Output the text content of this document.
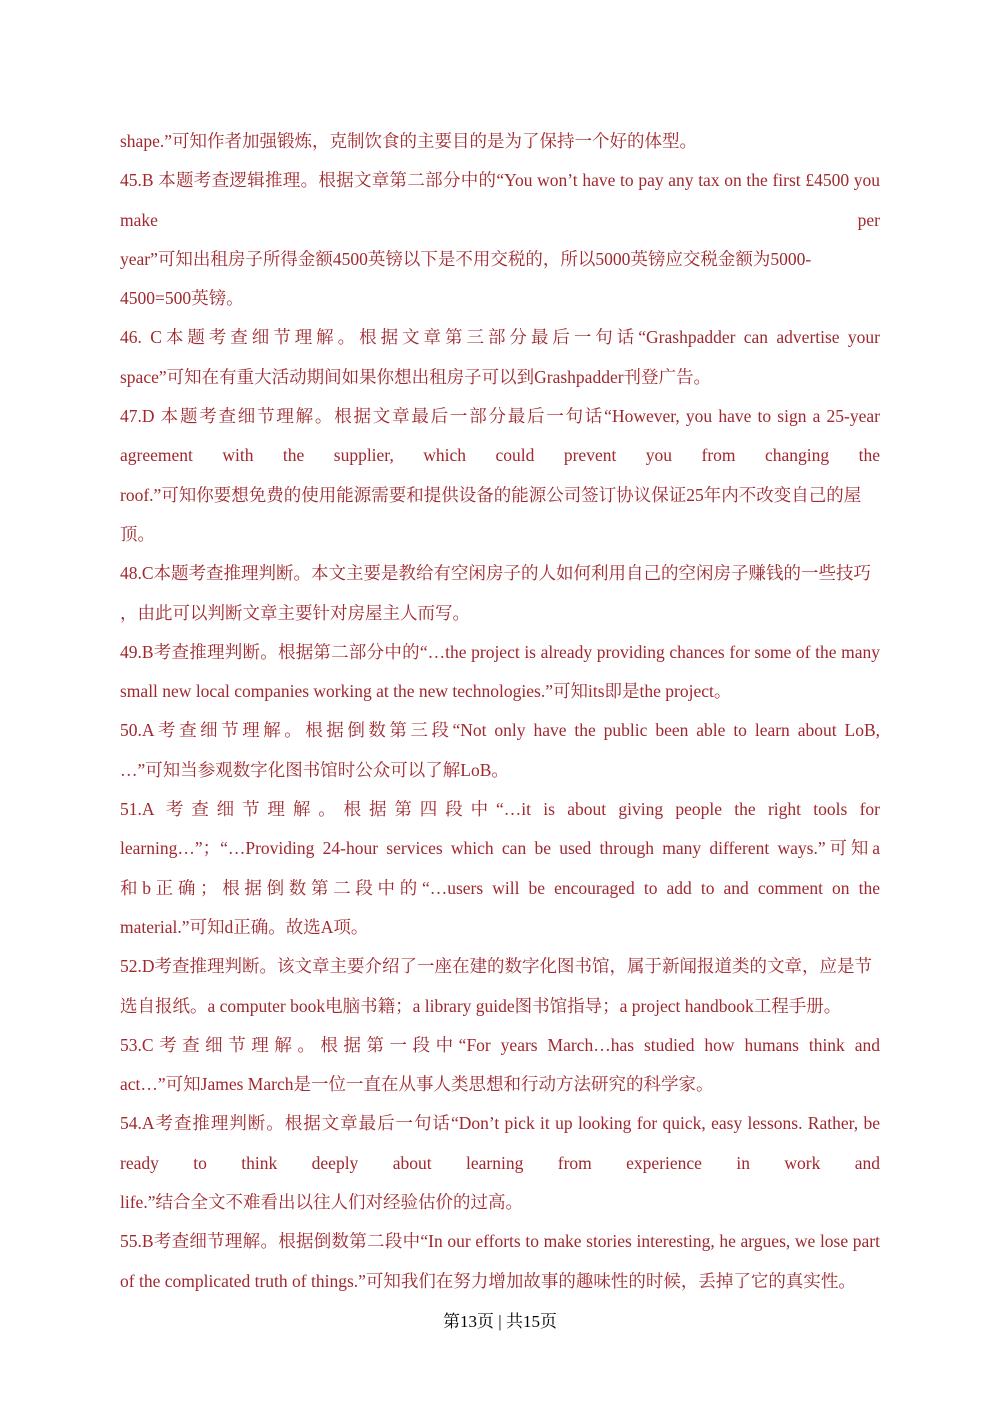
shape.”可知作者加强锻炼，克制饮食的主要目的是为了保持一个好的体型。
45.B 本题考查逻辑推理。根据文章第二部分中的“You won’t have to pay any tax on the first £4500 you
make per
year”可知出租房子所得金额4500英镑以下是不用交税的，所以5000英镑应交税金额为5000-
4500=500英镑。
46. C本题考查细节理解。根据文章第三部分最后一句话“Grashpadder can advertise your
space”可知在有重大活动期间如果你想出租房子可以到Grashpadder刊登广告。
47.D 本题考查细节理解。根据文章最后一部分最后一句话“However, you have to sign a 25-year
agreement with the supplier, which could prevent you from changing the
roof.”可知你要想免费的使用能源需要和提供设备的能源公司签订协议保证25年内不改变自己的屋
顶。
48.C本题考查推理判断。本文主要是教给有空闲房子的人如何利用自己的空闲房子赚钱的一些技巧
，由此可以判断文章主要针对房屋主人而写。
49.B考查推理判断。根据第二部分中的“…the project is already providing chances for some of the many
small new local companies working at the new technologies.”可知its即是the project。
50.A考查细节理解。根据倒数第三段“Not only have the public been able to learn about LoB,
…”可知当参观数字化图书馆时公众可以了解LoB。
51.A 考查细节理解。根据第四段中“…it is about giving people the right tools for
learning…”；“…Providing 24-hour services which can be used through many different ways.”可知a
和b正确；根据倒数第二段中的“…users will be encouraged to add to and comment on the
material.”可知d正确。故选A项。
52.D考查推理判断。该文章主要介绍了一座在建的数字化图书馆，属于新闻报道类的文章，应是节
选自报纸。a computer book电脑书籍；a library guide图书馆指导；a project handbook工程手册。
53.C考查细节理解。根据第一段中“For years March…has studied how humans think and
act…”可知James March是一位一直在从事人类思想和行动方法研究的科学家。
54.A考查推理判断。根据文章最后一句话“Don’t pick it up looking for quick, easy lessons. Rather, be
ready to think deeply about learning from experience in work and
life.”结合全文不难看出以往人们对经验估价的过高。
55.B考查细节理解。根据倒数第二段中“In our efforts to make stories interesting, he argues, we lose part
of the complicated truth of things.”可知我们在努力增加故事的趣味性的时候，丢掉了它的真实性。
第13页 | 共15页
